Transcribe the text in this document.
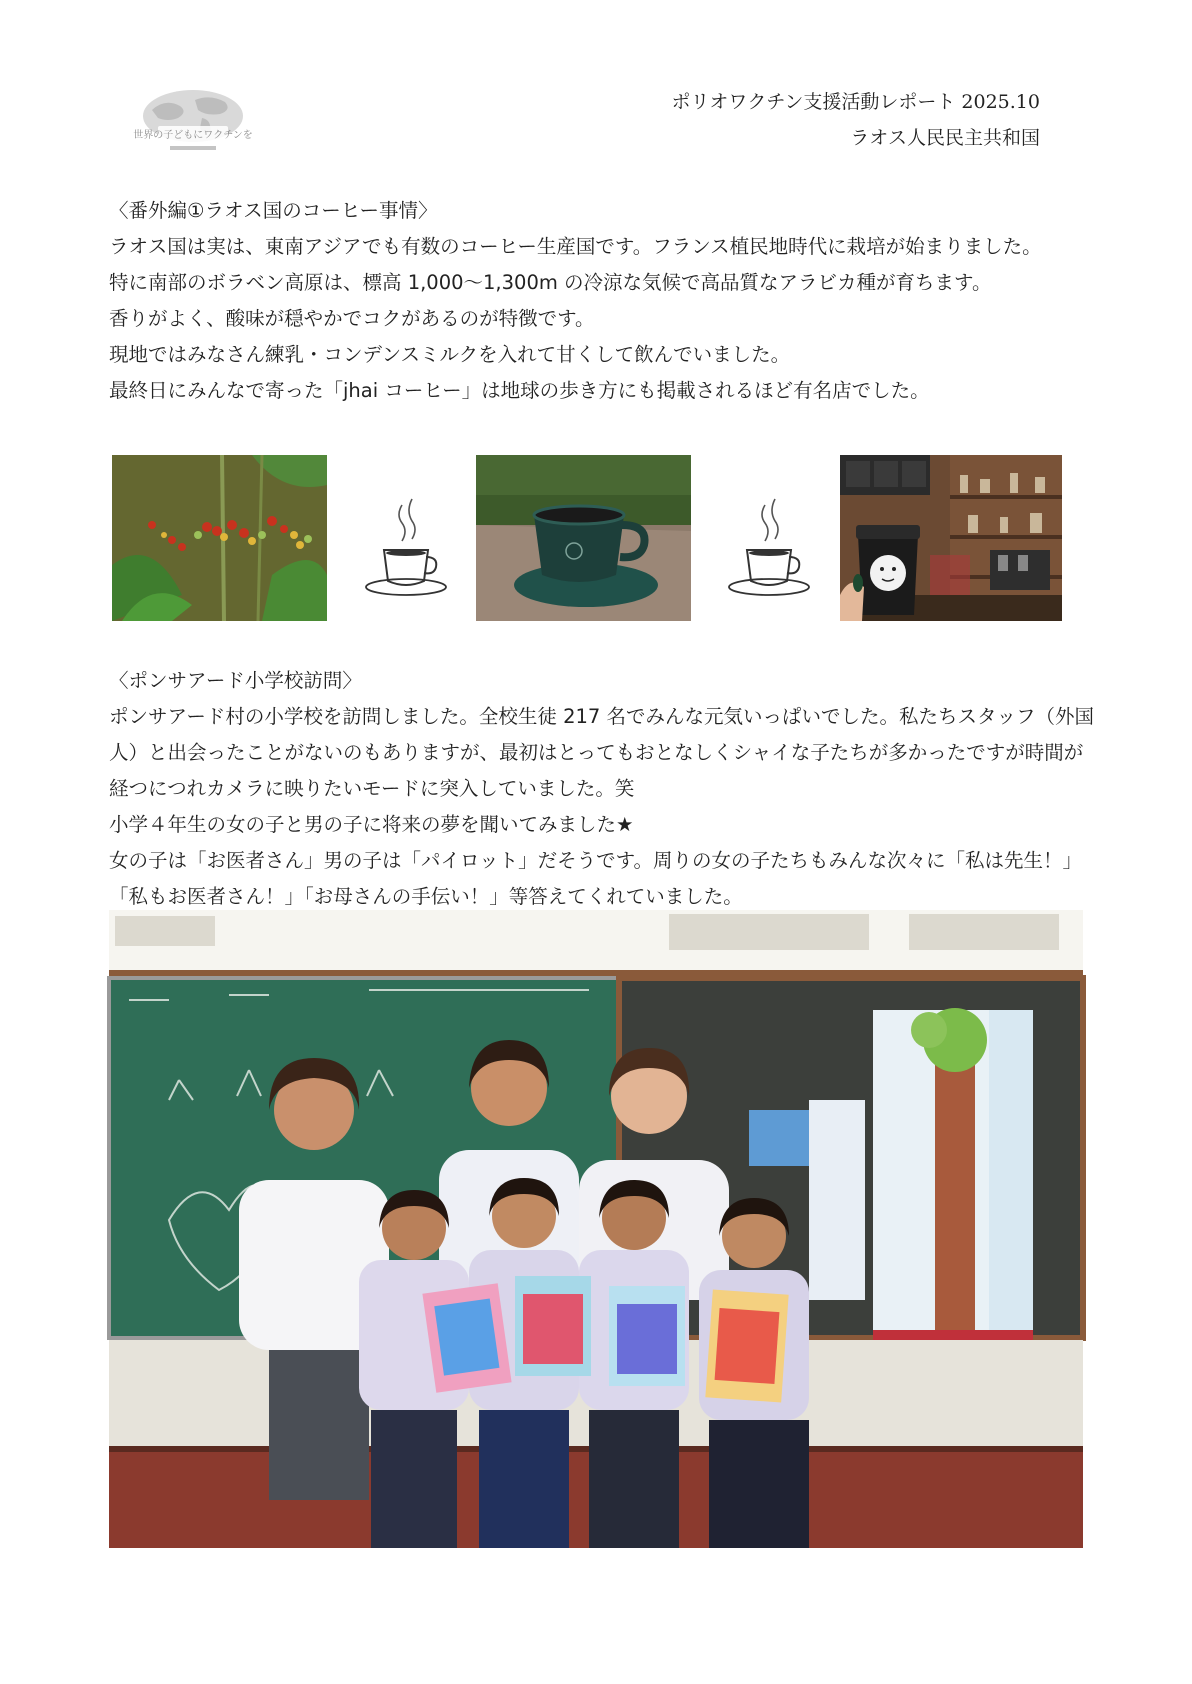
世界の子どもにワクチンを
ポリオワクチン支援活動レポート 2025.10
ラオス人民民主共和国
〈番外編①ラオス国のコーヒー事情〉

ラオス国は実は、東南アジアでも有数のコーヒー生産国です。フランス植民地時代に栽培が始まりました。

特に南部のボラベン高原は、標高 1,000～1,300m の冷涼な気候で高品質なアラビカ種が育ちます。

香りがよく、酸味が穏やかでコクがあるのが特徴です。

現地ではみなさん練乳・コンデンスミルクを入れて甘くして飲んでいました。

最終日にみんなで寄った「jhai コーヒー」は地球の歩き方にも掲載されるほど有名店でした。

〈ポンサアード小学校訪問〉

ポンサアード村の小学校を訪問しました。全校生徒 217 名でみんな元気いっぱいでした。私たちスタッフ（外国人）と出会ったことがないのもありますが、最初はとってもおとなしくシャイな子たちが多かったですが時間が経つにつれカメラに映りたいモードに突入していました。笑

小学４年生の女の子と男の子に将来の夢を聞いてみました★

女の子は「お医者さん」男の子は「パイロット」だそうです。周りの女の子たちもみんな次々に「私は先生！」「私もお医者さん！」「お母さんの手伝い！」等答えてくれていました。
